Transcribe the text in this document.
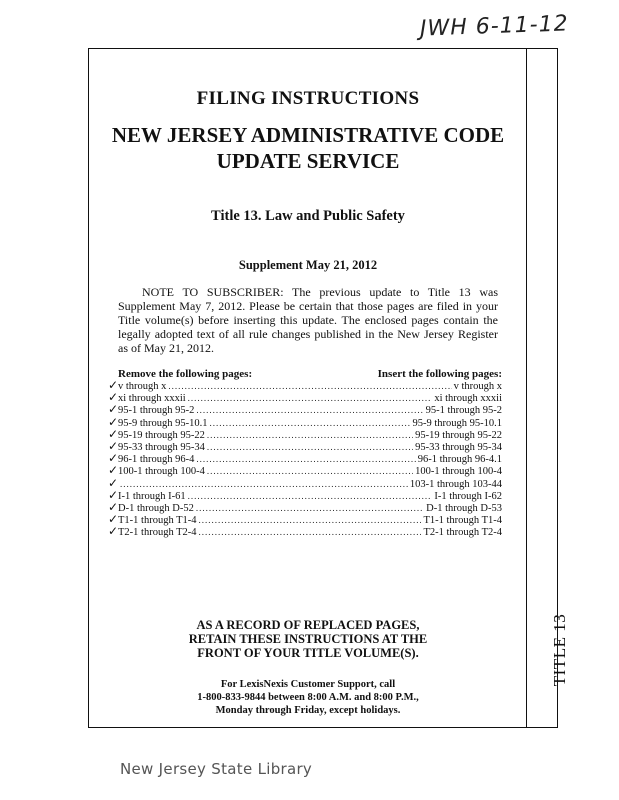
JWH 6-11-12
TITLE 13
FILING INSTRUCTIONS
NEW JERSEY ADMINISTRATIVE CODE
UPDATE SERVICE
Title 13. Law and Public Safety
Supplement May 21, 2012
NOTE TO SUBSCRIBER: The previous update to Title 13 was Supplement May 7, 2012. Please be certain that those pages are filed in your Title volume(s) before inserting this update. The enclosed pages contain the legally adopted text of all rule changes published in the New Jersey Register as of May 21, 2012.
Remove the following pages:	Insert the following pages:
✓ v through x .....	v through x
✓ xi through xxxii .....	xi through xxxii
✓ 95-1 through 95-2 .....	95-1 through 95-2
✓ 95-9 through 95-10.1 .....	95-9 through 95-10.1
✓ 95-19 through 95-22 .....	95-19 through 95-22
✓ 95-33 through 95-34 .....	95-33 through 95-34
✓ 96-1 through 96-4 .....	96-1 through 96-4.1
✓ 100-1 through 100-4 .....	100-1 through 100-4
✓ .....	103-1 through 103-44
✓ I-1 through I-61 .....	I-1 through I-62
✓ D-1 through D-52 .....	D-1 through D-53
✓ T1-1 through T1-4 .....	T1-1 through T1-4
✓ T2-1 through T2-4 .....	T2-1 through T2-4
AS A RECORD OF REPLACED PAGES,
RETAIN THESE INSTRUCTIONS AT THE
FRONT OF YOUR TITLE VOLUME(S).
For LexisNexis Customer Support, call
1-800-833-9844 between 8:00 A.M. and 8:00 P.M.,
Monday through Friday, except holidays.
New Jersey State Library
